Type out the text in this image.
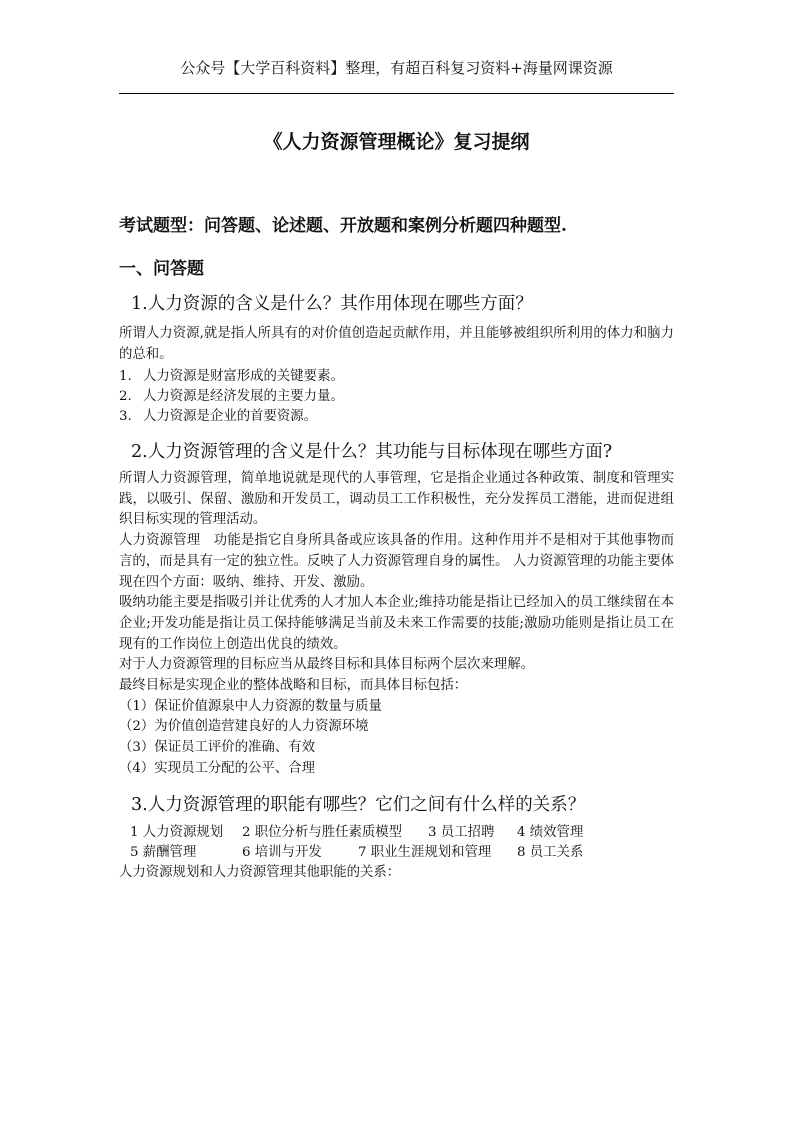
公众号【大学百科资料】整理，有超百科复习资料+海量网课资源
《人力资源管理概论》复习提纲
考试题型：问答题、论述题、开放题和案例分析题四种题型.
一、问答题
1.人力资源的含义是什么？其作用体现在哪些方面？
所谓人力资源,就是指人所具有的对价值创造起贡献作用，并且能够被组织所利用的体力和脑力的总和。
1. 人力资源是财富形成的关键要素。
2. 人力资源是经济发展的主要力量。
3. 人力资源是企业的首要资源。
2.人力资源管理的含义是什么？其功能与目标体现在哪些方面?

所谓人力资源管理，简单地说就是现代的人事管理，它是指企业通过各种政策、制度和管理实践，以吸引、保留、激励和开发员工，调动员工工作积极性，充分发挥员工潜能，进而促进组织目标实现的管理活动。

人力资源管理　功能是指它自身所具备或应该具备的作用。这种作用并不是相对于其他事物而言的，而是具有一定的独立性。反映了人力资源管理自身的属性。 人力资源管理的功能主要体现在四个方面：吸纳、维持、开发、激励。

吸纳功能主要是指吸引并让优秀的人才加人本企业;维持功能是指让已经加入的员工继续留在本企业;开发功能是指让员工保持能够满足当前及未来工作需要的技能;激励功能则是指让员工在现有的工作岗位上创造出优良的绩效。

对于人力资源管理的目标应当从最终目标和具体目标两个层次来理解。

最终目标是实现企业的整体战略和目标，而具体目标包括：

（1）保证价值源泉中人力资源的数量与质量

（2）为价值创造营建良好的人力资源环境

（3）保证员工评价的准确、有效

（4）实现员工分配的公平、合理

3.人力资源管理的职能有哪些？它们之间有什么样的关系？
1 人力资源规划 2 职位分析与胜任素质模型 3 员工招聘 4 绩效管理
5 薪酬管理	6 培训与开发	7 职业生涯规划和管理 8 员工关系
人力资源规划和人力资源管理其他职能的关系：
